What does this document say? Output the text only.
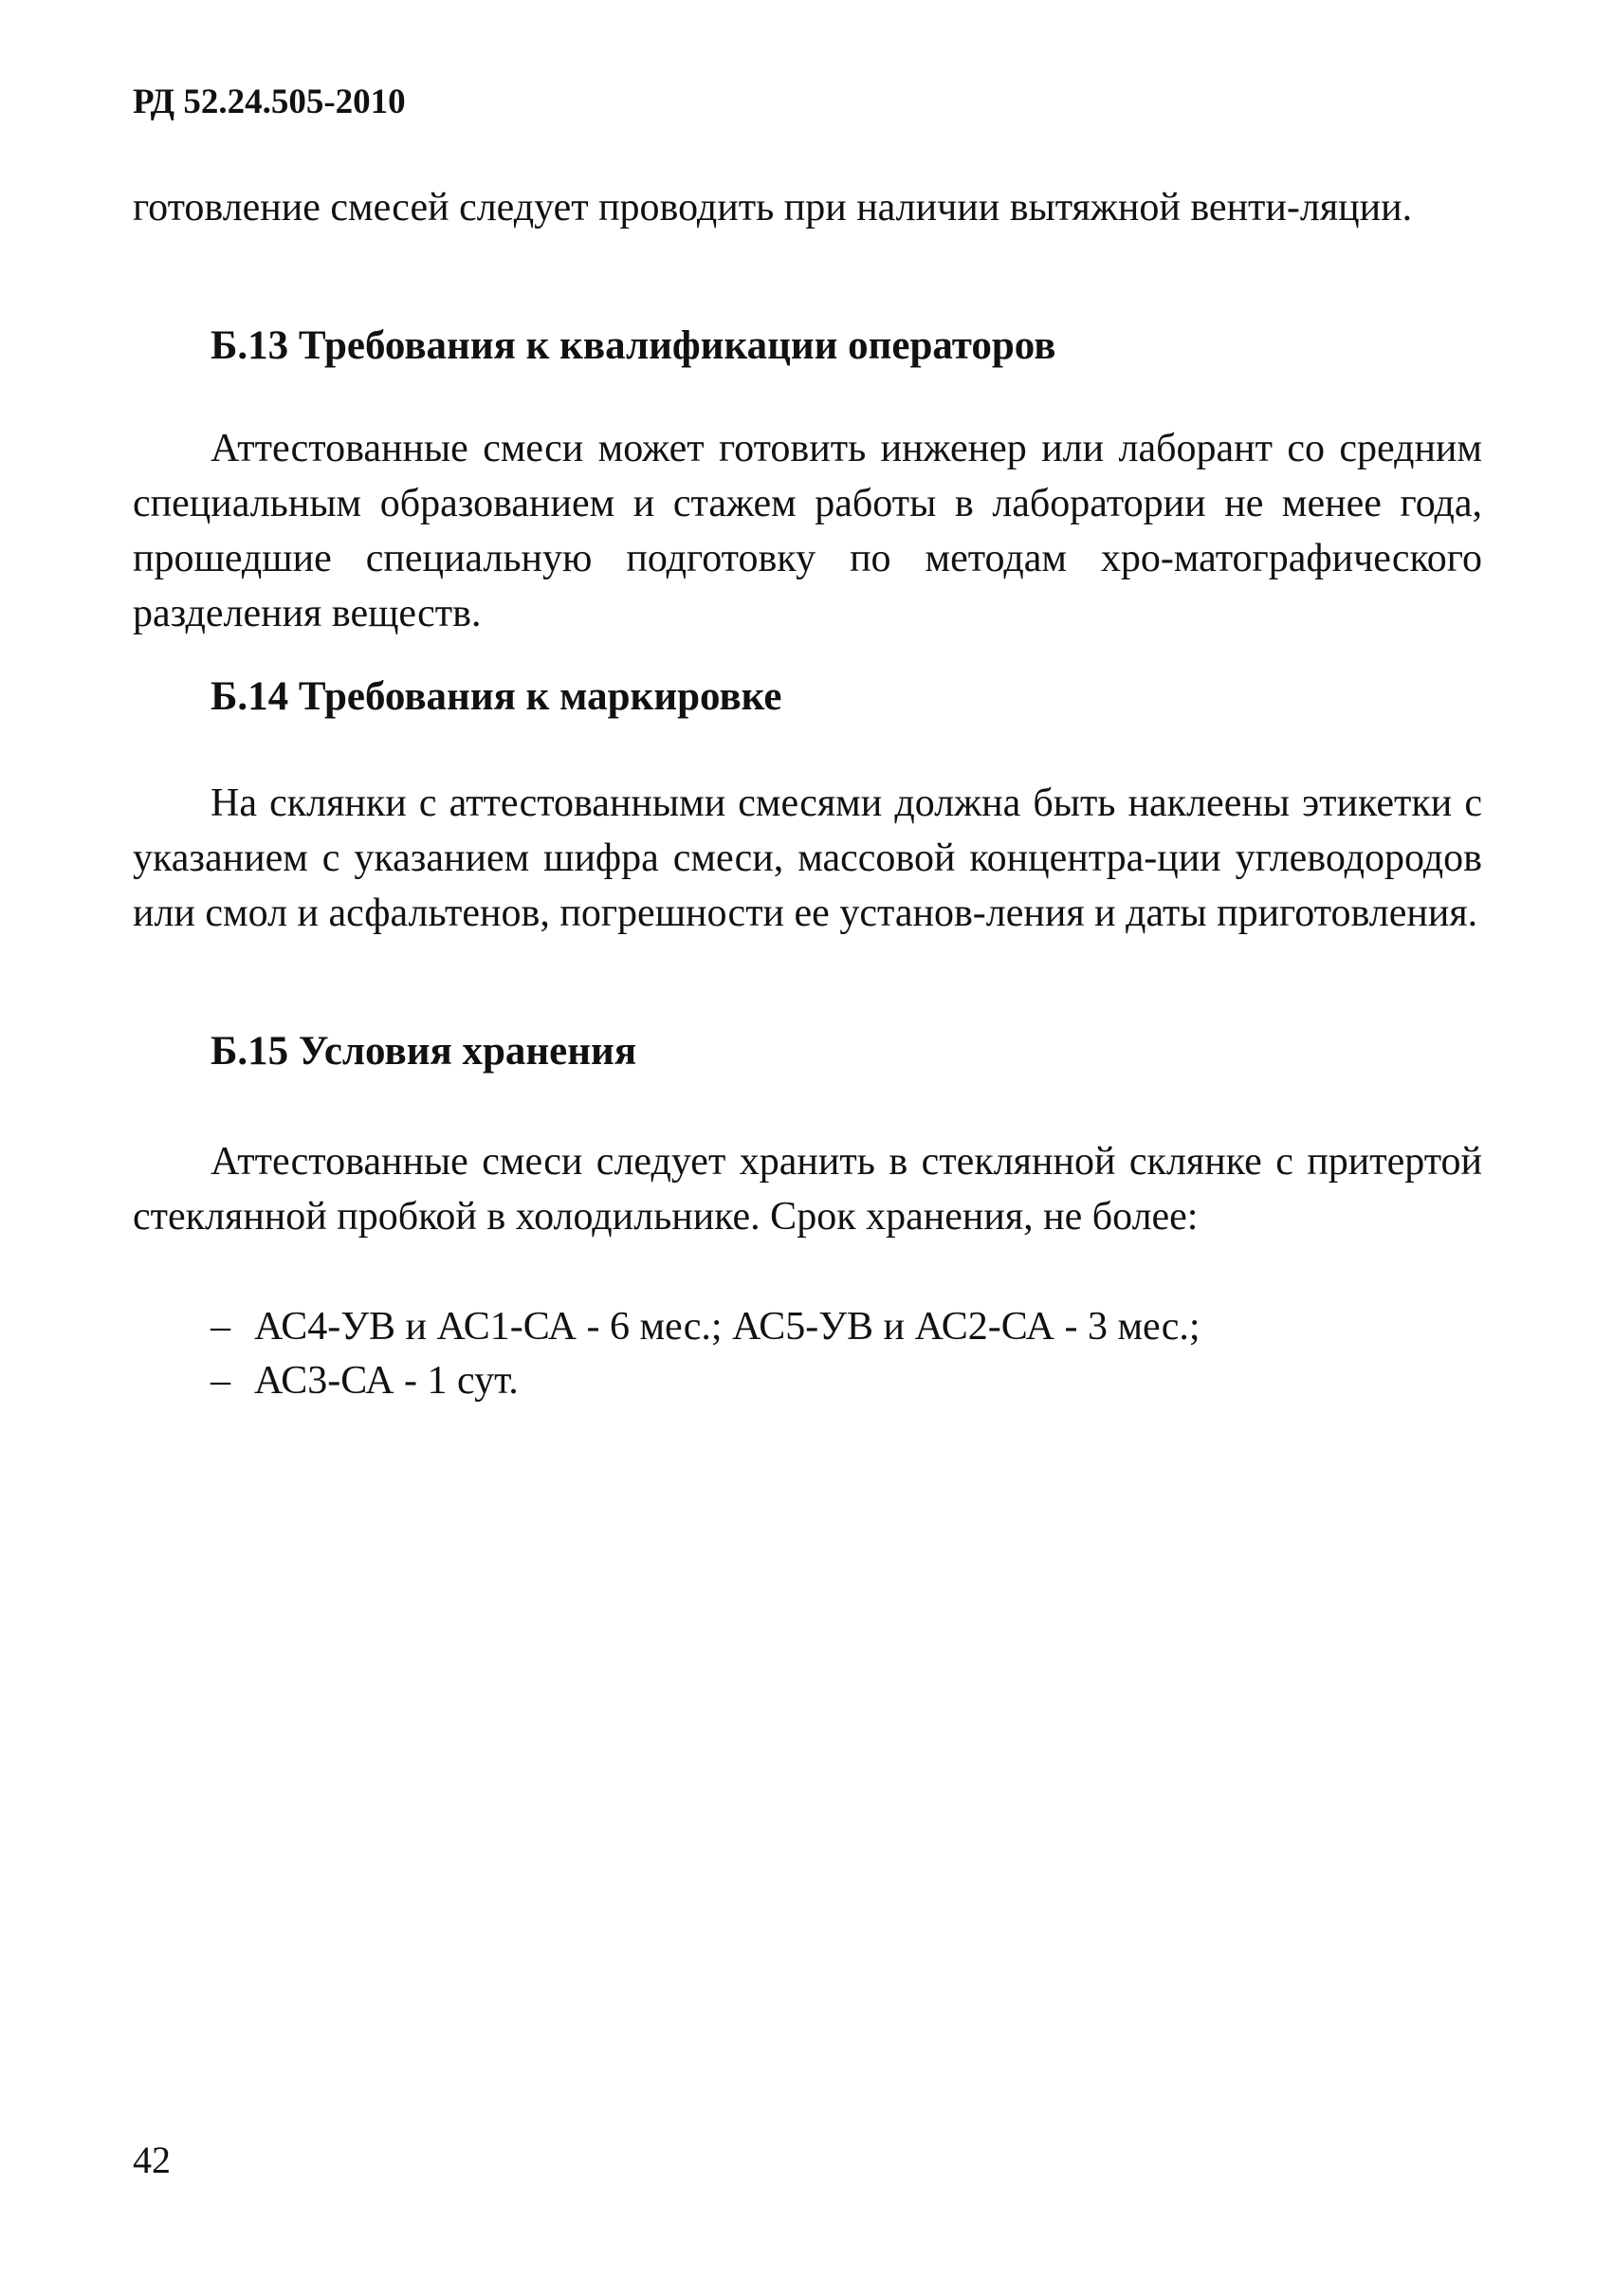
РД 52.24.505-2010

готовление смесей следует проводить при наличии вытяжной венти-ляции.

Б.13 Требования к квалификации операторов

Аттестованные смеси может готовить инженер или лаборант со средним специальным образованием и стажем работы в лаборатории не менее года, прошедшие специальную подготовку по методам хро-матографического разделения веществ.

Б.14 Требования к маркировке

На склянки с аттестованными смесями должна быть наклеены этикетки с указанием с указанием шифра смеси, массовой концентра-ции углеводородов или смол и асфальтенов, погрешности ее установ-ления и даты приготовления.

Б.15 Условия хранения

Аттестованные смеси следует хранить в стеклянной склянке с притертой стеклянной пробкой в холодильнике. Срок хранения, не более:

– АС4-УВ и АС1-СА - 6 мес.; АС5-УВ и АС2-СА - 3 мес.;
– АС3-СА - 1 сут.
42
